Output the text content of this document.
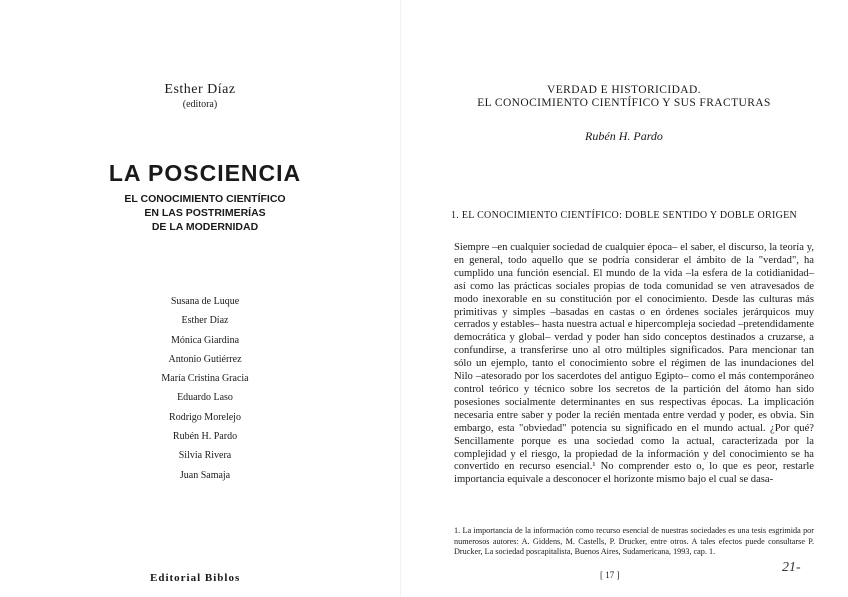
Esther Díaz
(editora)
LA POSCIENCIA
EL CONOCIMIENTO CIENTÍFICO
EN LAS POSTRIMERÍAS
DE LA MODERNIDAD
Susana de Luque
Esther Díaz
Mónica Giardina
Antonio Gutiérrez
María Cristina Gracia
Eduardo Laso
Rodrigo Morelejo
Rubén H. Pardo
Silvia Rivera
Juan Samaja
Editorial Biblos
VERDAD E HISTORICIDAD.
EL CONOCIMIENTO CIENTÍFICO Y SUS FRACTURAS
Rubén H. Pardo
1. EL CONOCIMIENTO CIENTÍFICO: DOBLE SENTIDO Y DOBLE ORIGEN

Siempre –en cualquier sociedad de cualquier época– el saber, el discurso, la teoría y, en general, todo aquello que se podría considerar el ámbito de la "verdad", ha cumplido una función esencial. El mundo de la vida –la esfera de la cotidianidad– así como las prácticas sociales propias de toda comunidad se ven atravesados de modo inexorable en su constitución por el conocimiento. Desde las culturas más primitivas y simples –basadas en castas o en órdenes sociales jerárquicos muy cerrados y estables– hasta nuestra actual e hipercompleja sociedad –pretendidamente democrática y global– verdad y poder han sido conceptos destinados a cruzarse, a confundirse, a transferirse uno al otro múltiples significados. Para mencionar tan sólo un ejemplo, tanto el conocimiento sobre el régimen de las inundaciones del Nilo –atesorado por los sacerdotes del antiguo Egipto– como el más contemporáneo control teórico y técnico sobre los secretos de la partición del átomo han sido posesiones socialmente determinantes en sus respectivas épocas. La implicación necesaria entre saber y poder la recién mentada entre verdad y poder, es obvia. Sin embargo, esta "obviedad" potencia su significado en el mundo actual. ¿Por qué? Sencillamente porque es una sociedad como la actual, caracterizada por la complejidad y el riesgo, la propiedad de la información y del conocimiento se ha convertido en recurso esencial.¹ No comprender esto o, lo que es peor, restarle importancia equivale a desconocer el horizonte mismo bajo el cual se dasa-

1. La importancia de la información como recurso esencial de nuestras sociedades es una tesis esgrimida por numerosos autores: A. Giddens, M. Castells, P. Drucker, entre otros. A tales efectos puede consultarse P. Drucker, La sociedad poscapitalista, Buenos Aires, Sudamericana, 1993, cap. 1.
[ 17 ]	21-
